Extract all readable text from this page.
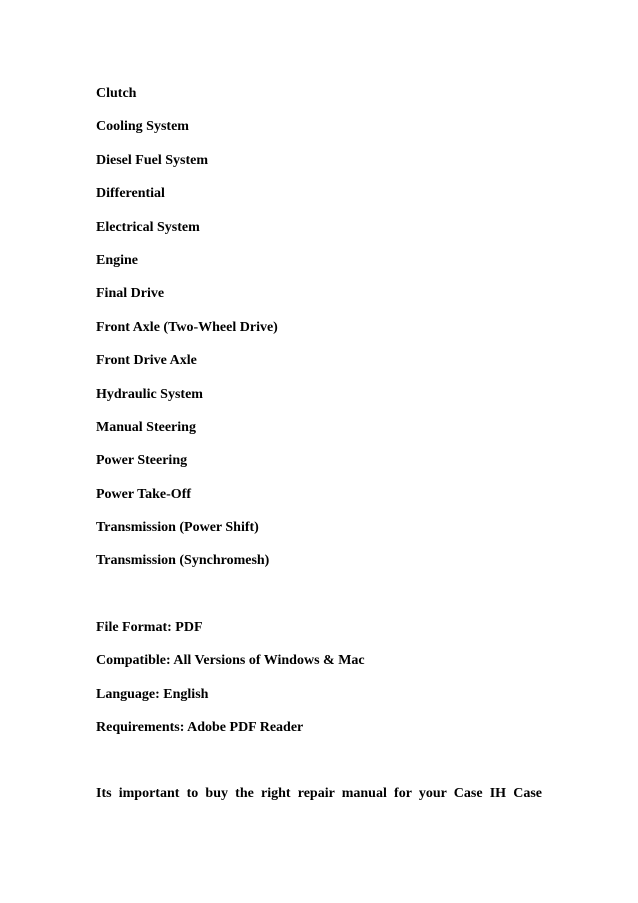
Clutch
Cooling System
Diesel Fuel System
Differential
Electrical System
Engine
Final Drive
Front Axle (Two-Wheel Drive)
Front Drive Axle
Hydraulic System
Manual Steering
Power Steering
Power Take-Off
Transmission (Power Shift)
Transmission (Synchromesh)
File Format: PDF
Compatible: All Versions of Windows & Mac
Language: English
Requirements: Adobe PDF Reader
Its important to buy the right repair manual for your Case IH Case
